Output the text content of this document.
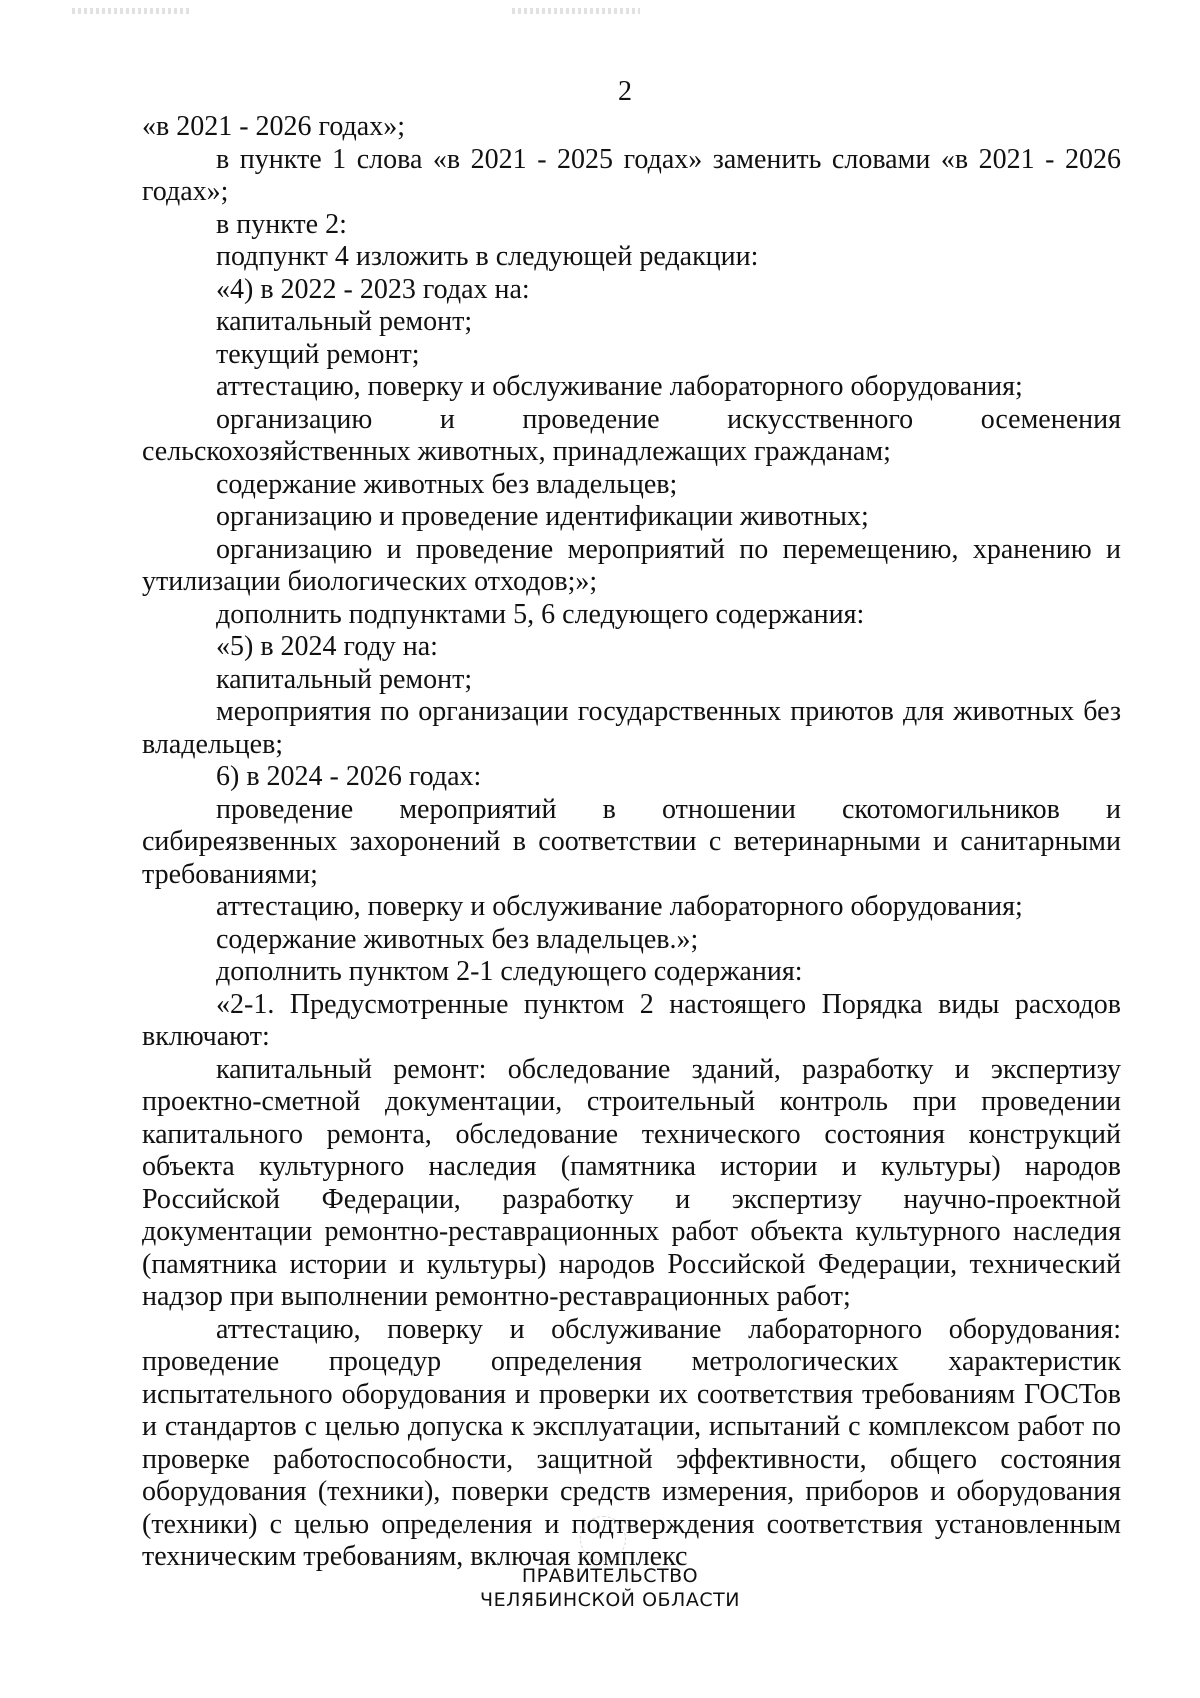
2

«в 2021 - 2026 годах»;

в пункте 1 слова «в 2021 - 2025 годах» заменить словами «в 2021 - 2026 годах»;

в пункте 2:

подпункт 4 изложить в следующей редакции:

«4) в 2022 - 2023 годах на:

капитальный ремонт;

текущий ремонт;

аттестацию, поверку и обслуживание лабораторного оборудования;

организацию и проведение искусственного осеменения сельскохозяйственных животных, принадлежащих гражданам;

содержание животных без владельцев;

организацию и проведение идентификации животных;

организацию и проведение мероприятий по перемещению, хранению и утилизации биологических отходов;»;

дополнить подпунктами 5, 6 следующего содержания:

«5) в 2024 году на:

капитальный ремонт;

мероприятия по организации государственных приютов для животных без владельцев;

6) в 2024 - 2026 годах:

проведение мероприятий в отношении скотомогильников и сибиреязвенных захоронений в соответствии с ветеринарными и санитарными требованиями;

аттестацию, поверку и обслуживание лабораторного оборудования;

содержание животных без владельцев.»;

дополнить пунктом 2-1 следующего содержания:

«2-1. Предусмотренные пунктом 2 настоящего Порядка виды расходов включают:

капитальный ремонт: обследование зданий, разработку и экспертизу проектно-сметной документации, строительный контроль при проведении капитального ремонта, обследование технического состояния конструкций объекта культурного наследия (памятника истории и культуры) народов Российской Федерации, разработку и экспертизу научно-проектной документации ремонтно-реставрационных работ объекта культурного наследия (памятника истории и культуры) народов Российской Федерации, технический надзор при выполнении ремонтно-реставрационных работ;

аттестацию, поверку и обслуживание лабораторного оборудования: проведение процедур определения метрологических характеристик испытательного оборудования и проверки их соответствия требованиям ГОСТов и стандартов с целью допуска к эксплуатации, испытаний с комплексом работ по проверке работоспособности, защитной эффективности, общего состояния оборудования (техники), поверки средств измерения, приборов и оборудования (техники) с целью определения и подтверждения соответствия установленным техническим требованиям, включая комплекс

ПРАВИТЕЛЬСТВО
ЧЕЛЯБИНСКОЙ ОБЛАСТИ
